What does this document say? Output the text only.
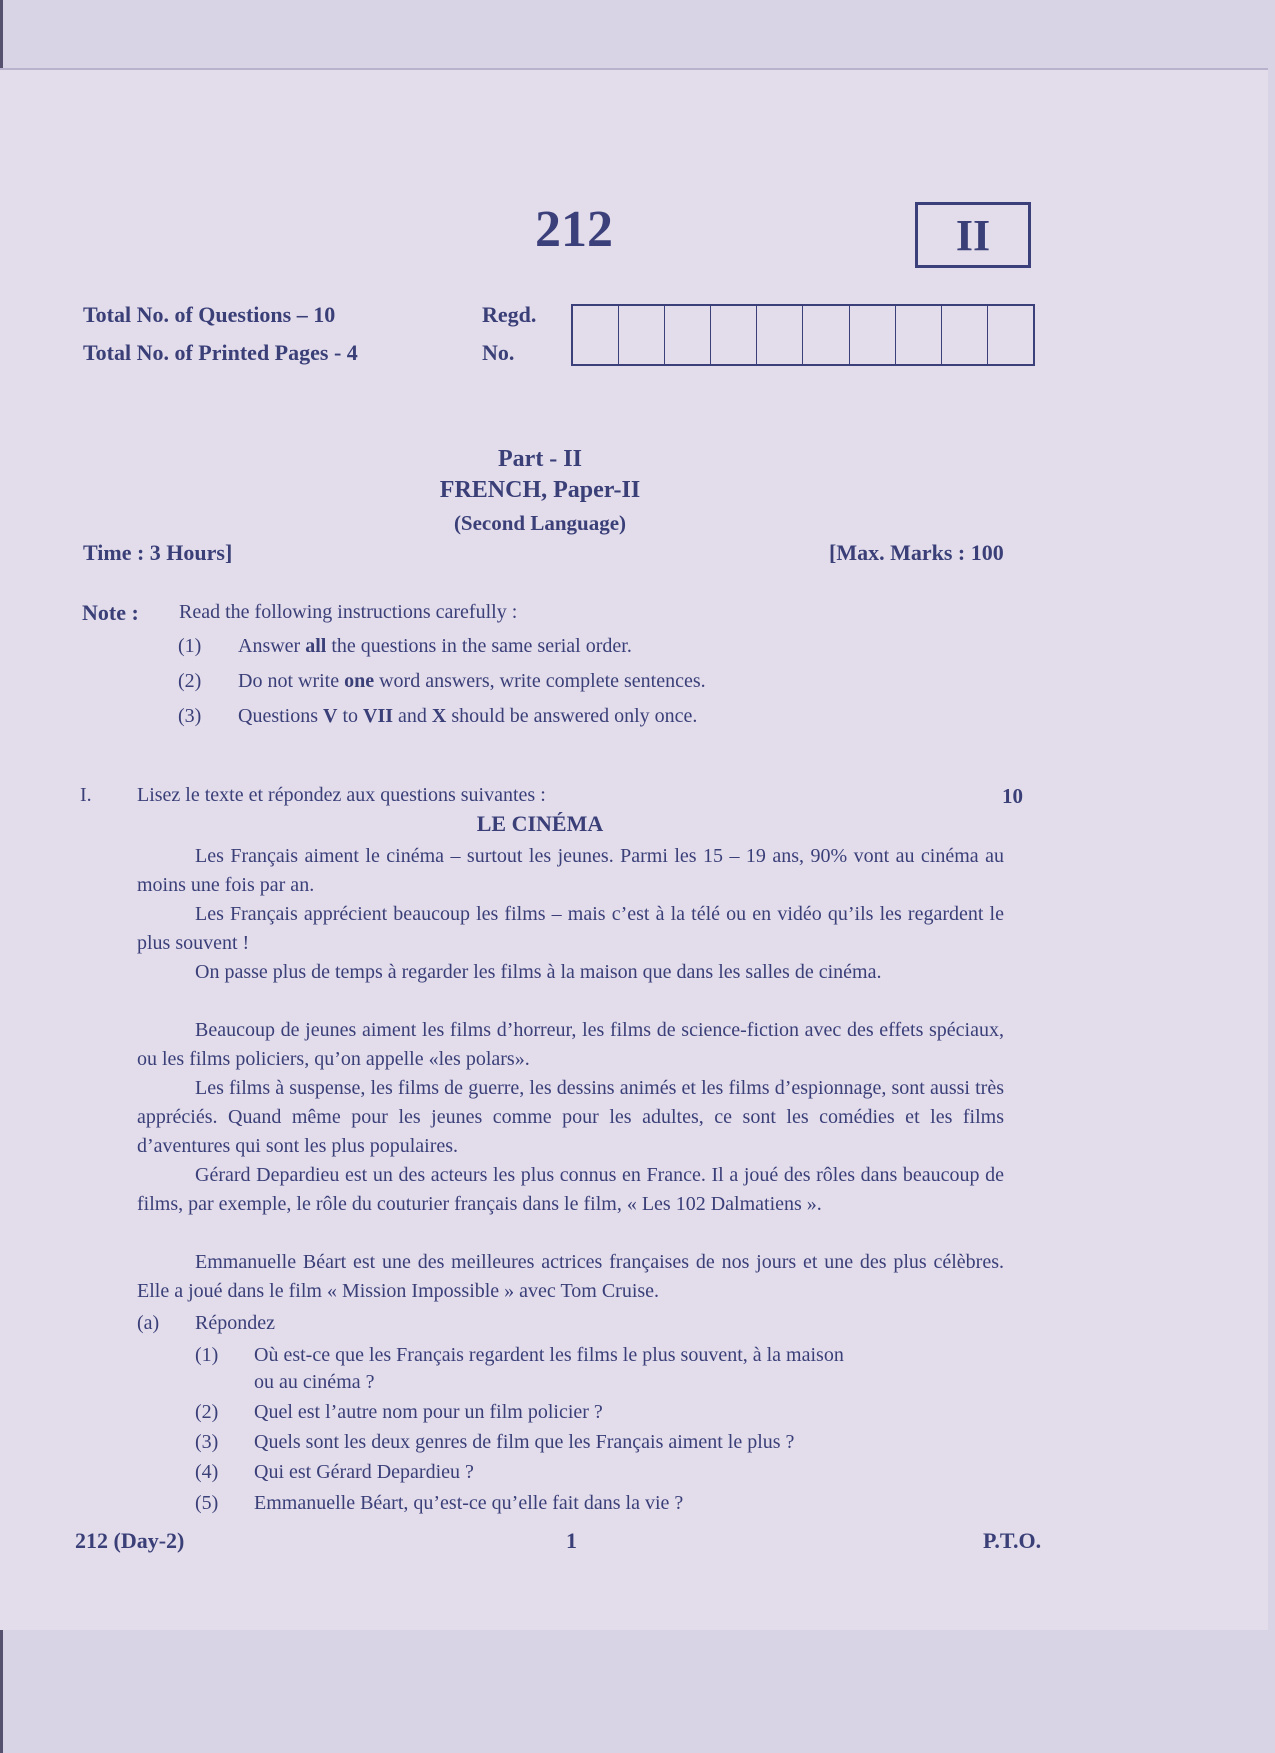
212	II
Total No. of Questions – 10
Total No. of Printed Pages - 4
Regd.
No.
Part - II
FRENCH, Paper-II
(Second Language)
Time : 3 Hours]	[Max. Marks : 100
Note : Read the following instructions carefully :
(1) Answer all the questions in the same serial order.
(2) Do not write one word answers, write complete sentences.
(3) Questions V to VII and X should be answered only once.
I. Lisez le texte et répondez aux questions suivantes :	10
LE CINÉMA
Les Français aiment le cinéma – surtout les jeunes. Parmi les 15 – 19 ans, 90% vont au cinéma au moins une fois par an.
Les Français apprécient beaucoup les films – mais c’est à la télé ou en vidéo qu’ils les regardent le plus souvent !
On passe plus de temps à regarder les films à la maison que dans les salles de cinéma.
Beaucoup de jeunes aiment les films d’horreur, les films de science-fiction avec des effets spéciaux, ou les films policiers, qu’on appelle «les polars».
Les films à suspense, les films de guerre, les dessins animés et les films d’espionnage, sont aussi très appréciés. Quand même pour les jeunes comme pour les adultes, ce sont les comédies et les films d’aventures qui sont les plus populaires.
Gérard Depardieu est un des acteurs les plus connus en France. Il a joué des rôles dans beaucoup de films, par exemple, le rôle du couturier français dans le film, « Les 102 Dalmatiens ».
Emmanuelle Béart est une des meilleures actrices françaises de nos jours et une des plus célèbres. Elle a joué dans le film « Mission Impossible » avec Tom Cruise.
(a) Répondez
(1) Où est-ce que les Français regardent les films le plus souvent, à la maison
ou au cinéma ?
(2) Quel est l’autre nom pour un film policier ?
(3) Quels sont les deux genres de film que les Français aiment le plus ?
(4) Qui est Gérard Depardieu ?
(5) Emmanuelle Béart, qu’est-ce qu’elle fait dans la vie ?
212 (Day-2)	1	P.T.O.
